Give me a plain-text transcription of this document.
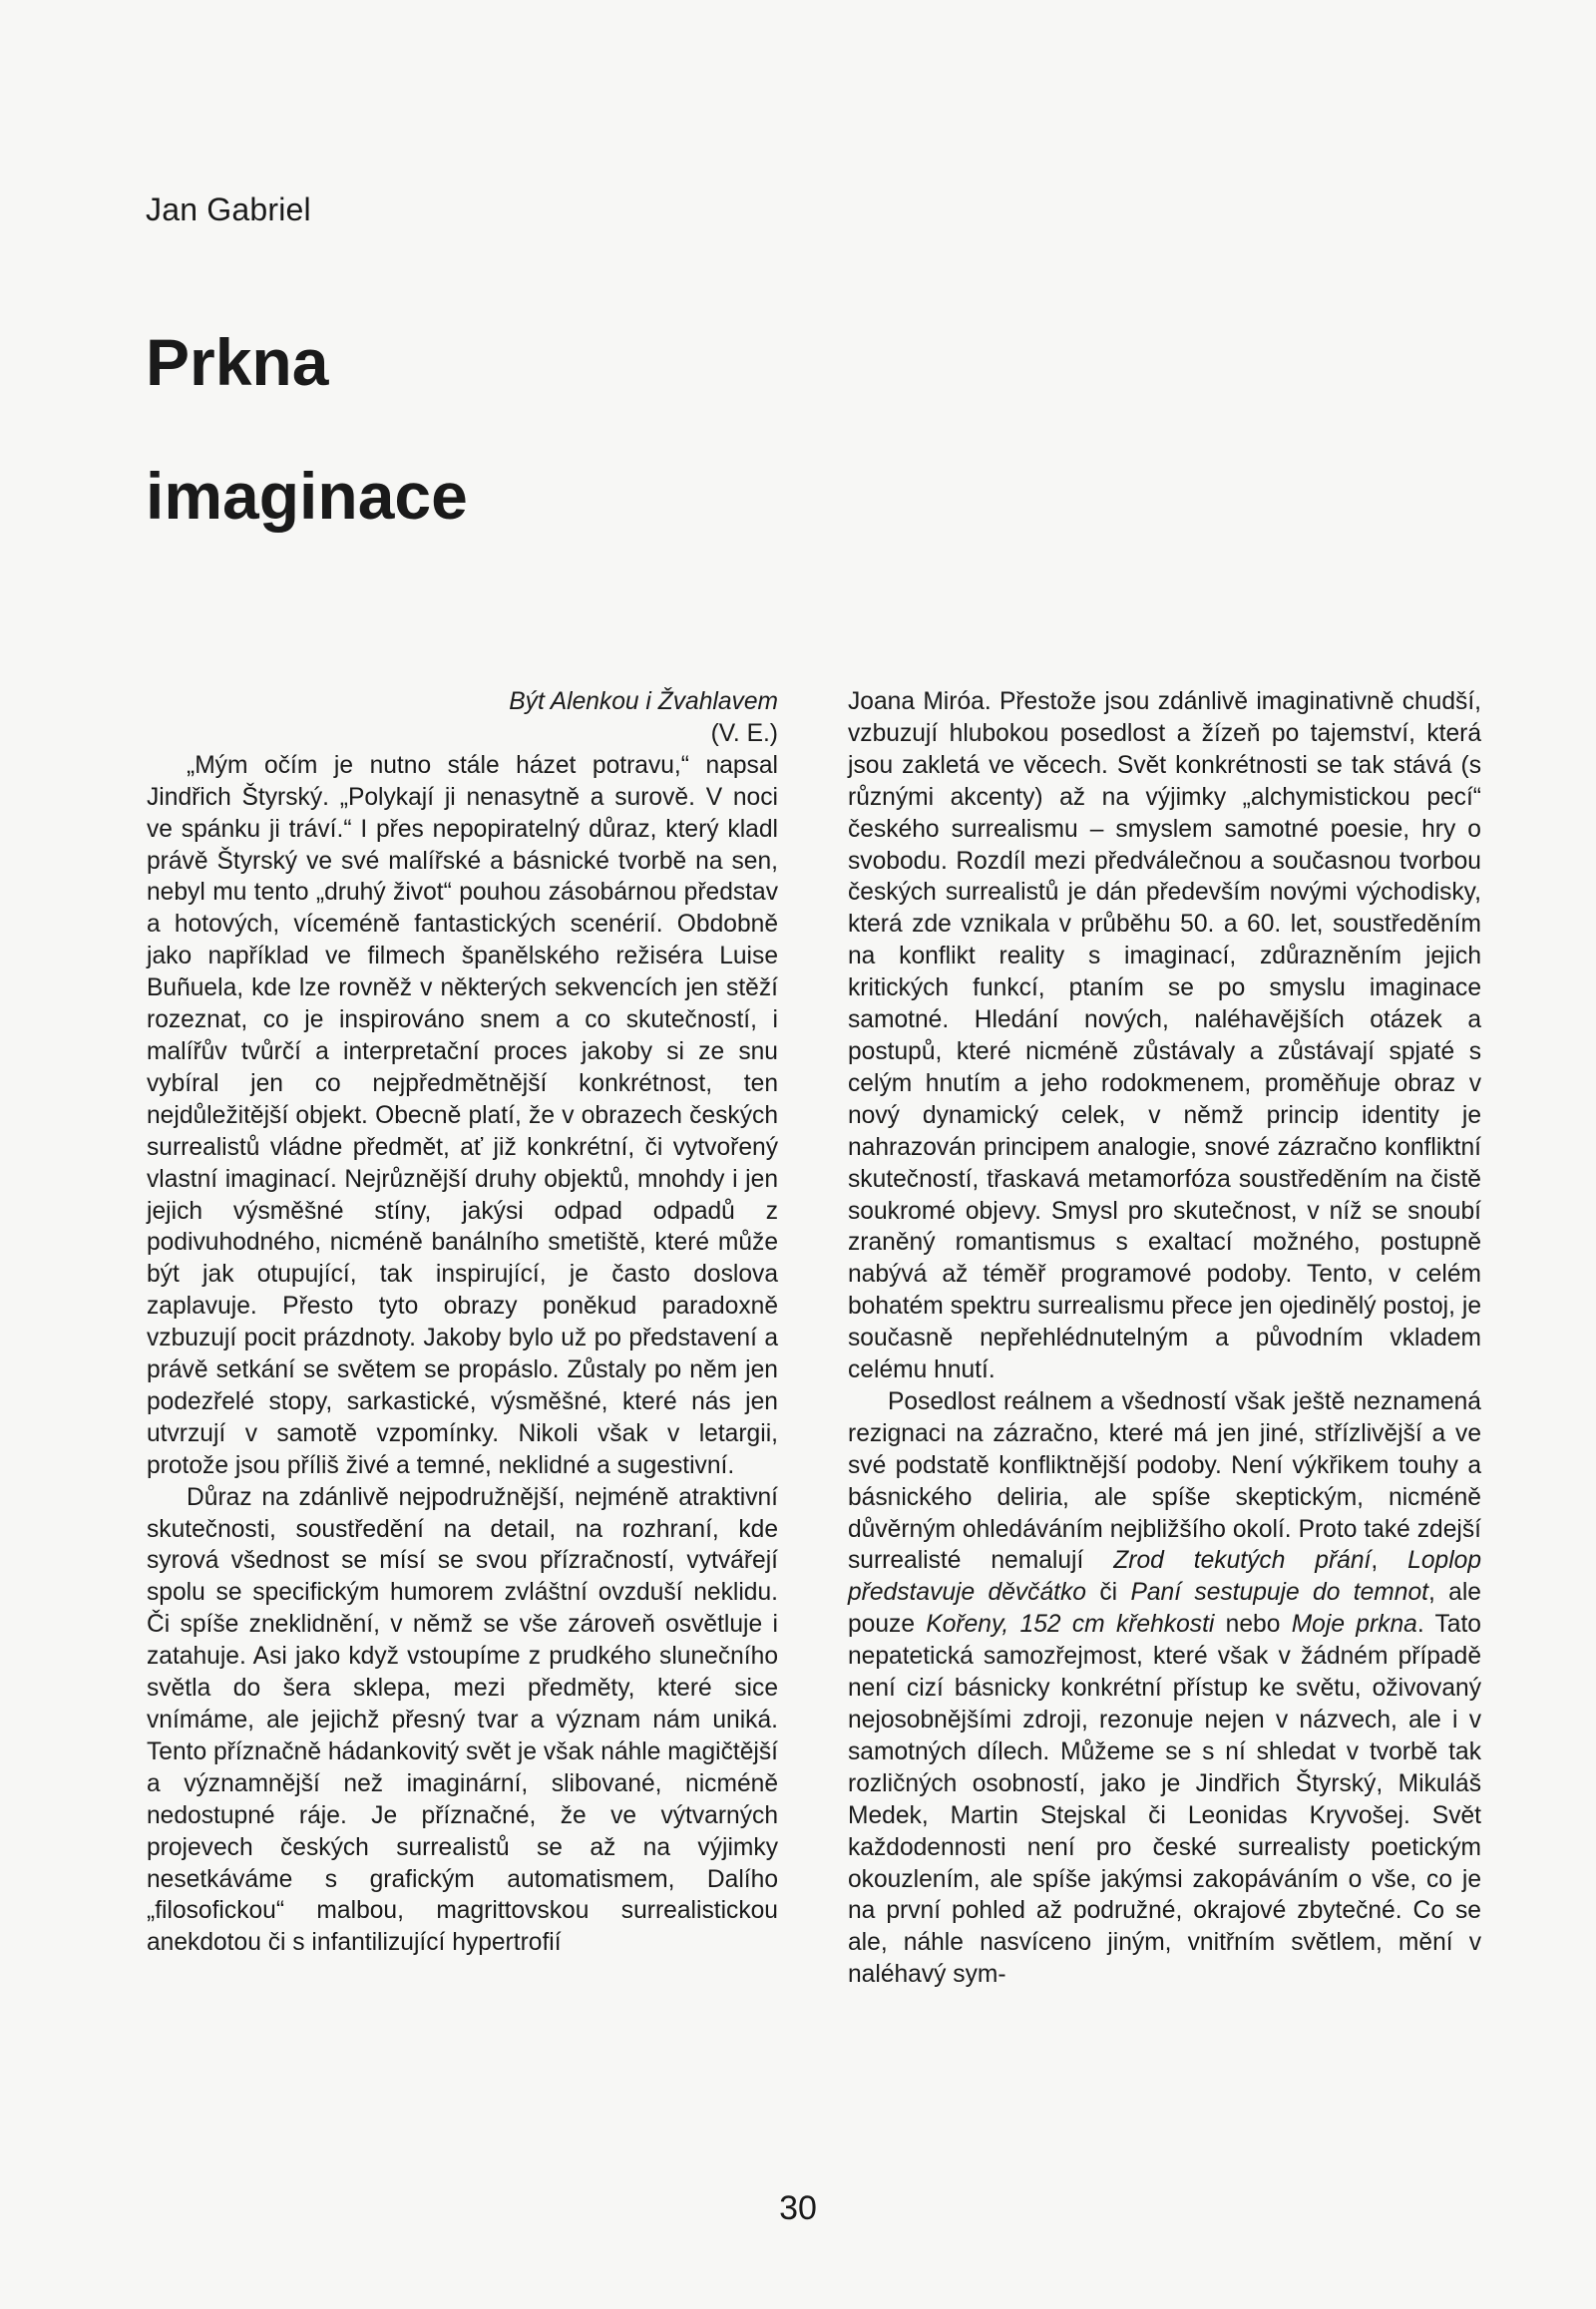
Jan Gabriel
Prkna
imaginace

Být Alenkou i Žvahlavem

(V. E.)

„Mým očím je nutno stále házet potravu,“ napsal Jindřich Štyrský. „Polykají ji nenasytně a surově. V noci ve spánku ji tráví.“ I přes nepopiratelný důraz, který kladl právě Štyrský ve své malířské a básnické tvorbě na sen, nebyl mu tento „druhý život“ pouhou zásobárnou představ a hotových, víceméně fantastických scenérií. Obdobně jako například ve filmech španělského režiséra Luise Buñuela, kde lze rovněž v některých sekvencích jen stěží rozeznat, co je inspirováno snem a co skutečností, i malířův tvůrčí a interpretační proces jakoby si ze snu vybíral jen co nejpředmětnější konkrétnost, ten nejdůležitější objekt. Obecně platí, že v obrazech českých surrealistů vládne předmět, ať již konkrétní, či vytvořený vlastní imaginací. Nejrůznější druhy objektů, mnohdy i jen jejich výsměšné stíny, jakýsi odpad odpadů z podivuhodného, nicméně banálního smetiště, které může být jak otupující, tak inspirující, je často doslova zaplavuje. Přesto tyto obrazy poněkud paradoxně vzbuzují pocit prázdnoty. Jakoby bylo už po představení a právě setkání se světem se propáslo. Zůstaly po něm jen podezřelé stopy, sarkastické, výsměšné, které nás jen utvrzují v samotě vzpomínky. Nikoli však v letargii, protože jsou příliš živé a temné, neklidné a sugestivní.

Důraz na zdánlivě nejpodružnější, nejméně atraktivní skutečnosti, soustředění na detail, na rozhraní, kde syrová všednost se mísí se svou přízračností, vytvářejí spolu se specifickým humorem zvláštní ovzduší neklidu. Či spíše zneklidnění, v němž se vše zároveň osvětluje i zatahuje. Asi jako když vstoupíme z prudkého slunečního světla do šera sklepa, mezi předměty, které sice vnímáme, ale jejichž přesný tvar a význam nám uniká. Tento příznačně hádankovitý svět je však náhle magičtější a významnější než imaginární, slibované, nicméně nedostupné ráje. Je příznačné, že ve výtvarných projevech českých surrealistů se až na výjimky nesetkáváme s grafickým automatismem, Dalího „filosofickou“ malbou, magrittovskou surrealistickou anekdotou či s infantilizující hypertrofií

Joana Miróa. Přestože jsou zdánlivě imaginativně chudší, vzbuzují hlubokou posedlost a žízeň po tajemství, která jsou zakletá ve věcech. Svět konkrétnosti se tak stává (s různými akcenty) až na výjimky „alchymistickou pecí“ českého surrealismu – smyslem samotné poesie, hry o svobodu. Rozdíl mezi předválečnou a současnou tvorbou českých surrealistů je dán především novými východisky, která zde vznikala v průběhu 50. a 60. let, soustředěním na konflikt reality s imaginací, zdůrazněním jejich kritických funkcí, ptaním se po smyslu imaginace samotné. Hledání nových, naléhavějších otázek a postupů, které nicméně zůstávaly a zůstávají spjaté s celým hnutím a jeho rodokmenem, proměňuje obraz v nový dynamický celek, v němž princip identity je nahrazován principem analogie, snové zázračno konfliktní skutečností, třaskavá metamorfóza soustředěním na čistě soukromé objevy. Smysl pro skutečnost, v níž se snoubí zraněný romantismus s exaltací možného, postupně nabývá až téměř programové podoby. Tento, v celém bohatém spektru surrealismu přece jen ojedinělý postoj, je současně nepřehlédnutelným a původním vkladem celému hnutí.

Posedlost reálnem a všedností však ještě neznamená rezignaci na zázračno, které má jen jiné, střízlivější a ve své podstatě konfliktnější podoby. Není výkřikem touhy a básnického deliria, ale spíše skeptickým, nicméně důvěrným ohledáváním nejbližšího okolí. Proto také zdejší surrealisté nemalují Zrod tekutých přání, Loplop představuje děvčátko či Paní sestupuje do temnot, ale pouze Kořeny, 152 cm křehkosti nebo Moje prkna. Tato nepatetická samozřejmost, které však v žádném případě není cizí básnicky konkrétní přístup ke světu, oživovaný nejosobnějšími zdroji, rezonuje nejen v názvech, ale i v samotných dílech. Můžeme se s ní shledat v tvorbě tak rozličných osobností, jako je Jindřich Štyrský, Mikuláš Medek, Martin Stejskal či Leonidas Kryvošej. Svět každodennosti není pro české surrealisty poetickým okouzlením, ale spíše jakýmsi zakopáváním o vše, co je na první pohled až podružné, okrajové zbytečné. Co se ale, náhle nasvíceno jiným, vnitřním světlem, mění v naléhavý sym-

30
